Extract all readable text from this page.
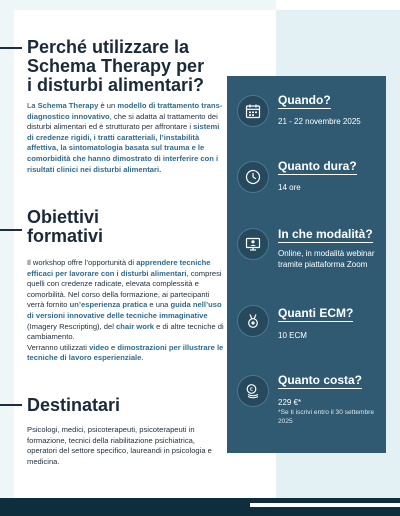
Perché utilizzare la
Schema Therapy per
i disturbi alimentari?

La Schema Therapy è un modello di trattamento trans-diagnostico innovativo, che si adatta al trattamento dei disturbi alimentari ed è strutturato per affrontare i sistemi di credenze rigidi, i tratti caratteriali, l’instabilità affettiva, la sintomatologia basata sul trauma e le comorbidità che hanno dimostrato di interferire con i risultati clinici nei disturbi alimentari.

Obiettivi
formativi

Il workshop offre l’opportunità di apprendere tecniche efficaci per lavorare con i disturbi alimentari, compresi quelli con credenze radicate, elevata complessità e comorbilità. Nel corso della formazione, ai partecipanti verrà fornito un’esperienza pratica e una guida nell’uso di versioni innovative delle tecniche immaginative (Imagery Rescripting), del chair work e di altre tecniche di cambiamento.
Verranno utilizzati video e dimostrazioni per illustrare le tecniche di lavoro esperienziale.

Destinatari

Psicologi, medici, psicoterapeuti, psicoterapeuti in formazione, tecnici della riabilitazione psichiatrica, operatori del settore specifico, laureandi in psicologia e medicina.

Quando?
21 - 22 novembre 2025
Quanto dura?
14 ore
In che modalità?
Online, in modalità webinar tramite piattaforma Zoom
Quanti ECM?
10 ECM
€
Quanto costa?
229 €*
*Se ti iscrivi entro il 30 settembre 2025
